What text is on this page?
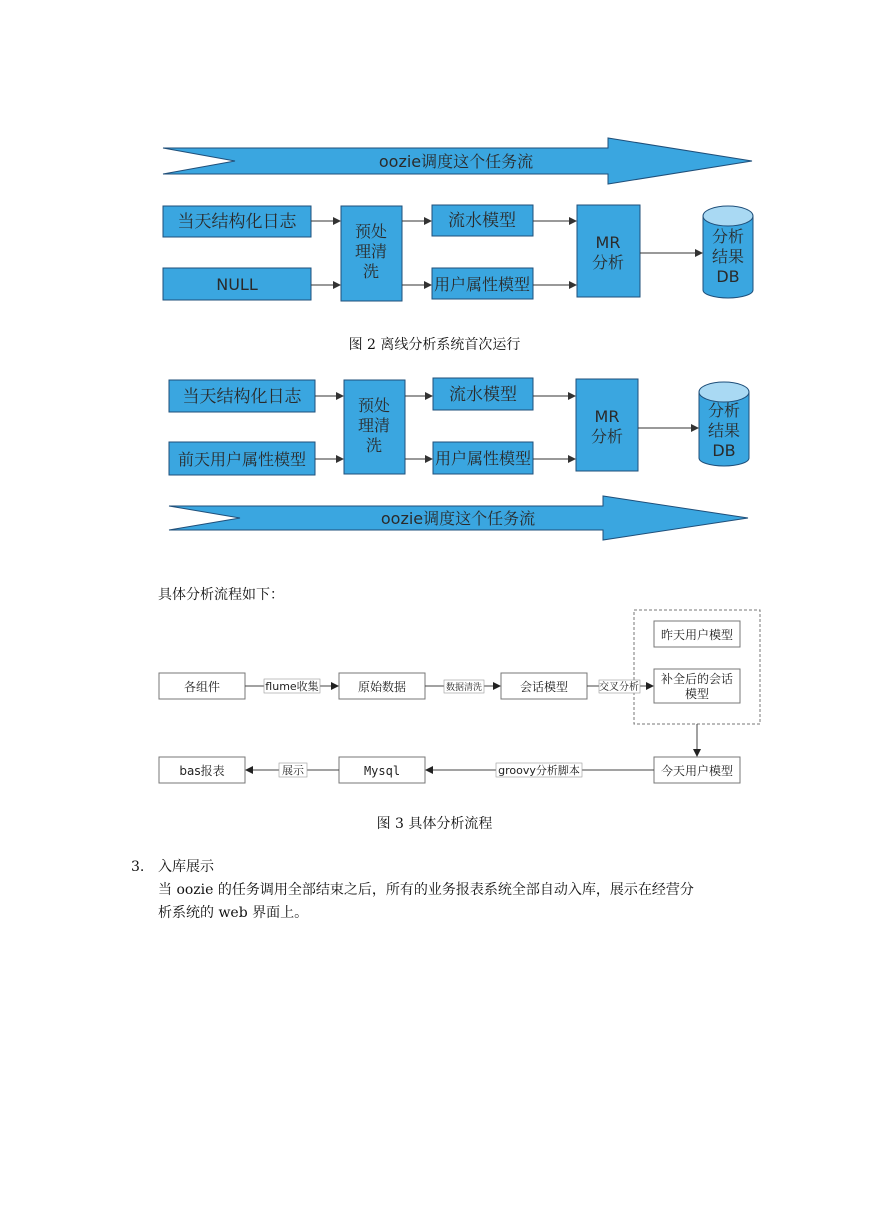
oozie调度这个任务流
当天结构化日志
NULL
预处
理清
洗
流水模型
用户属性模型
MR
分析
分析
结果
DB
图 2 离线分析系统首次运行
当天结构化日志
前天用户属性模型
预处
理清
洗
流水模型
用户属性模型
MR
分析
分析
结果
DB
oozie调度这个任务流
具体分析流程如下：
各组件	原始数据	会话模型
昨天用户模型
补全后的会话
模型
今天用户模型
Mysql
bas报表
flume收集	数据清洗	交叉分析
groovy分析脚本
展示
图 3 具体分析流程
3. 入库展示
当 oozie 的任务调用全部结束之后，所有的业务报表系统全部自动入库，展示在经营分
析系统的 web 界面上。
